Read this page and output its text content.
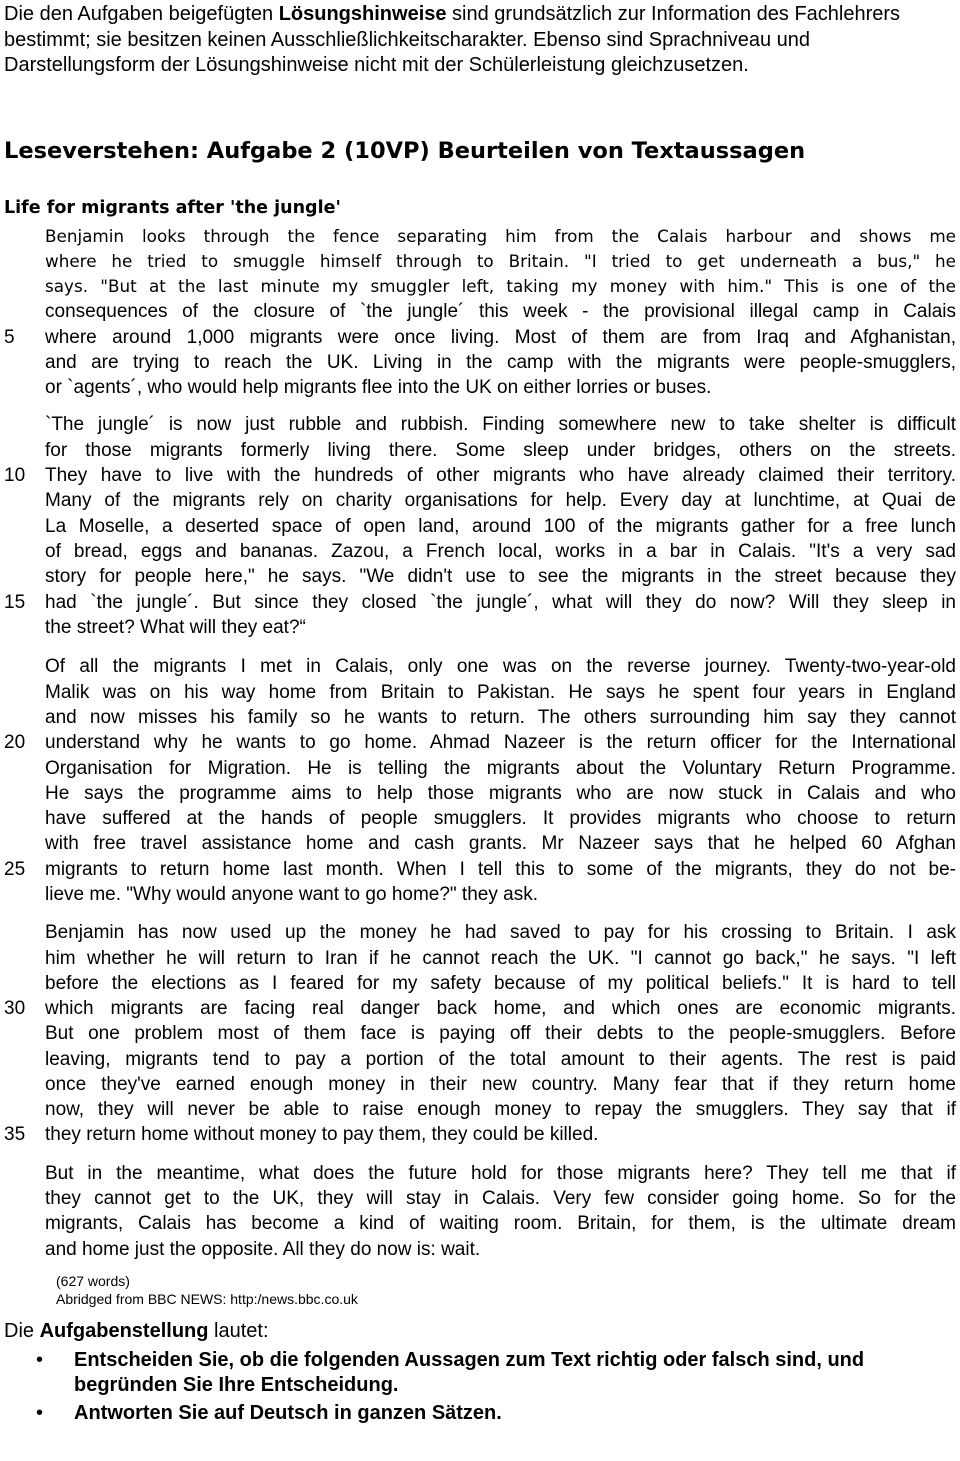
Die den Aufgaben beigefügten Lösungshinweise sind grundsätzlich zur Information des Fachlehrers bestimmt; sie besitzen keinen Ausschließlichkeitscharakter. Ebenso sind Sprachniveau und Darstellungsform der Lösungshinweise nicht mit der Schülerleistung gleichzusetzen.
Leseverstehen: Aufgabe 2 (10VP) Beurteilen von Textaussagen
Life for migrants after 'the jungle'
Benjamin looks through the fence separating him from the Calais harbour and shows me
where he tried to smuggle himself through to Britain. "I tried to get underneath a bus," he
says. "But at the last minute my smuggler left, taking my money with him." This is one of the
consequences of the closure of `the jungle´ this week - the provisional illegal camp in Calais
5	where around 1,000 migrants were once living. Most of them are from Iraq and Afghanistan,
and are trying to reach the UK. Living in the camp with the migrants were people-smugglers,
or `agents´, who would help migrants flee into the UK on either lorries or buses.
`The jungle´ is now just rubble and rubbish. Finding somewhere new to take shelter is difficult
for those migrants formerly living there. Some sleep under bridges, others on the streets.
10	They have to live with the hundreds of other migrants who have already claimed their territory.
Many of the migrants rely on charity organisations for help. Every day at lunchtime, at Quai de
La Moselle, a deserted space of open land, around 100 of the migrants gather for a free lunch
of bread, eggs and bananas. Zazou, a French local, works in a bar in Calais. "It's a very sad
story for people here," he says. "We didn't use to see the migrants in the street because they
15	had `the jungle´. But since they closed `the jungle´, what will they do now? Will they sleep in
the street? What will they eat?“
Of all the migrants I met in Calais, only one was on the reverse journey. Twenty-two-year-old
Malik was on his way home from Britain to Pakistan. He says he spent four years in England
and now misses his family so he wants to return. The others surrounding him say they cannot
20	understand why he wants to go home. Ahmad Nazeer is the return officer for the International
Organisation for Migration. He is telling the migrants about the Voluntary Return Programme.
He says the programme aims to help those migrants who are now stuck in Calais and who
have suffered at the hands of people smugglers. It provides migrants who choose to return
with free travel assistance home and cash grants. Mr Nazeer says that he helped 60 Afghan
25	migrants to return home last month. When I tell this to some of the migrants, they do not be-
lieve me. "Why would anyone want to go home?" they ask.
Benjamin has now used up the money he had saved to pay for his crossing to Britain. I ask
him whether he will return to Iran if he cannot reach the UK. "I cannot go back," he says. "I left
before the elections as I feared for my safety because of my political beliefs." It is hard to tell
30	which migrants are facing real danger back home, and which ones are economic migrants.
But one problem most of them face is paying off their debts to the people-smugglers. Before
leaving, migrants tend to pay a portion of the total amount to their agents. The rest is paid
once they've earned enough money in their new country. Many fear that if they return home
now, they will never be able to raise enough money to repay the smugglers. They say that if
35	they return home without money to pay them, they could be killed.
But in the meantime, what does the future hold for those migrants here? They tell me that if
they cannot get to the UK, they will stay in Calais. Very few consider going home. So for the
migrants, Calais has become a kind of waiting room. Britain, for them, is the ultimate dream
and home just the opposite. All they do now is: wait.
(627 words)
Abridged from BBC NEWS: http:/news.bbc.co.uk
Die Aufgabenstellung lautet:
• Entscheiden Sie, ob die folgenden Aussagen zum Text richtig oder falsch sind, und begründen Sie Ihre Entscheidung.
• Antworten Sie auf Deutsch in ganzen Sätzen.
